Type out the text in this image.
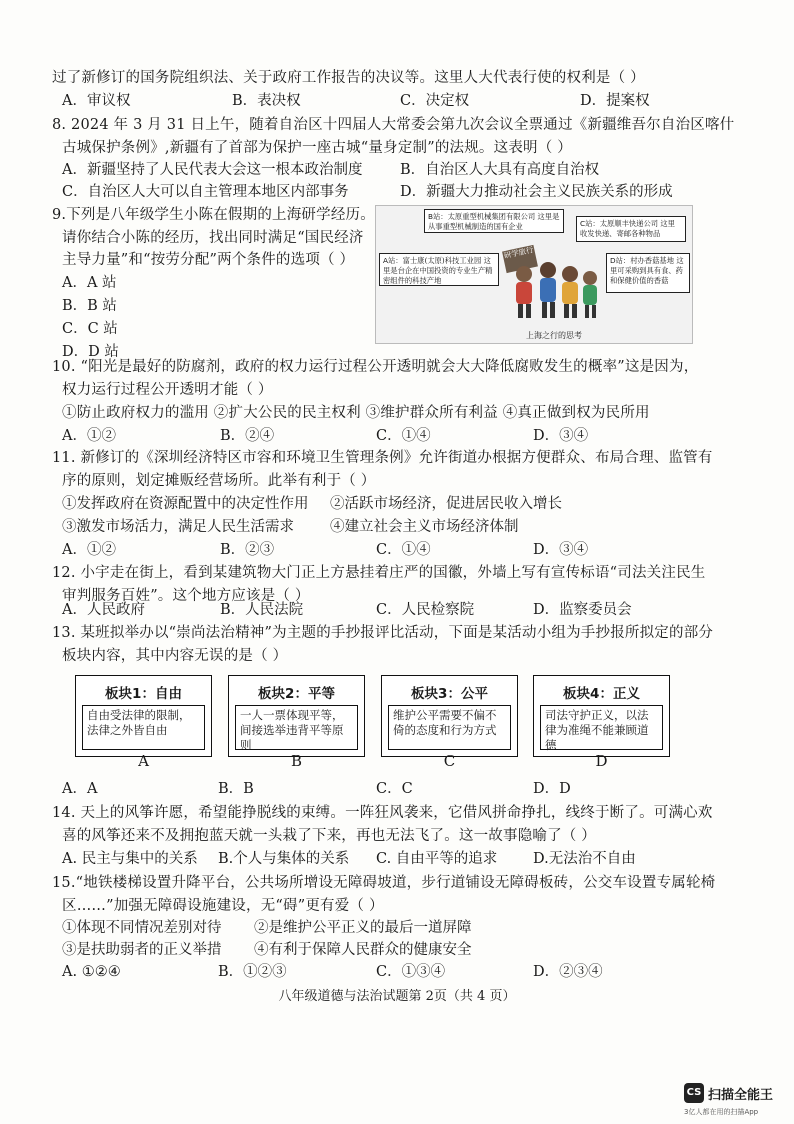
过了新修订的国务院组织法、关于政府工作报告的决议等。这里人大代表行使的权利是（ ）
A．审议权	B．表决权	C．决定权	D．提案权
8. 2024 年 3 月 31 日上午，随着自治区十四届人大常委会第九次会议全票通过《新疆维吾尔自治区喀什
古城保护条例》,新疆有了首部为保护一座古城“量身定制”的法规。这表明（ ）
A．新疆坚持了人民代表大会这一根本政治制度	B．自治区人大具有高度自治权
C．自治区人大可以自主管理本地区内部事务	D．新疆大力推动社会主义民族关系的形成
9.下列是八年级学生小陈在假期的上海研学经历。
请你结合小陈的经历，找出同时满足“国民经济
主导力量”和“按劳分配”两个条件的选项（ ）
A．A 站
B．B 站
C．C 站
D．D 站
B站：太原重型机械集团有限公司 这里是从事重型机械制造的国有企业	C站：太原顺丰快递公司 这里收发快递、寄邮各种物品
A站：富士康(太原)科技工业园 这里是台企在中国投资的专业生产精密组件的科技产地
D站：村办香菇基地 这里可采购到具有食、药和保健价值的香菇
研学旅行
上海之行的思考
10. “阳光是最好的防腐剂，政府的权力运行过程公开透明就会大大降低腐败发生的概率”这是因为，
权力运行过程公开透明才能（ ）
①防止政府权力的滥用 ②扩大公民的民主权利 ③维护群众所有利益 ④真正做到权为民所用
A．①②	B．②④	C．①④	D．③④
11. 新修订的《深圳经济特区市容和环境卫生管理条例》允许街道办根据方便群众、布局合理、监管有
序的原则，划定摊贩经营场所。此举有利于（ ）
①发挥政府在资源配置中的决定性作用 ②活跃市场经济，促进居民收入增长
③激发市场活力，满足人民生活需求 ④建立社会主义市场经济体制
A．①②	B．②③	C．①④	D．③④
12. 小宇走在街上，看到某建筑物大门正上方悬挂着庄严的国徽，外墙上写有宣传标语“司法关注民生
审判服务百姓”。这个地方应该是（ ）
A．人民政府	B．人民法院	C．人民检察院	D．监察委员会
13. 某班拟举办以“崇尚法治精神”为主题的手抄报评比活动，下面是某活动小组为手抄报所拟定的部分
板块内容，其中内容无误的是（ ）
板块1：自由
自由受法律的限制，法律之外皆自由
板块2：平等
一人一票体现平等，间接选举违背平等原则
板块3：公平
维护公平需要不偏不倚的态度和行为方式
板块4：正义
司法守护正义，以法律为准绳不能兼顾道德
A	B	C	D
A．A	B．B	C．C	D．D
14. 天上的风筝许愿，希望能挣脱线的束缚。一阵狂风袭来，它借风拼命挣扎，线终于断了。可满心欢
喜的风筝还来不及拥抱蓝天就一头栽了下来，再也无法飞了。这一故事隐喻了（ ）
A. 民主与集中的关系 B.个人与集体的关系 C. 自由平等的追求 D.无法治不自由
15.“地铁楼梯设置升降平台，公共场所增设无障碍坡道，步行道铺设无障碍板砖，公交车设置专属轮椅
区……”加强无障碍设施建设，无“碍”更有爱（ ）
①体现不同情况差别对待 ②是维护公平正义的最后一道屏障
③是扶助弱者的正义举措 ④有利于保障人民群众的健康安全
A. ①②④	B．①②③	C．①③④	D．②③④
八年级道德与法治试题第 2页（共 4 页）
CS 扫描全能王
3亿人都在用的扫描App
